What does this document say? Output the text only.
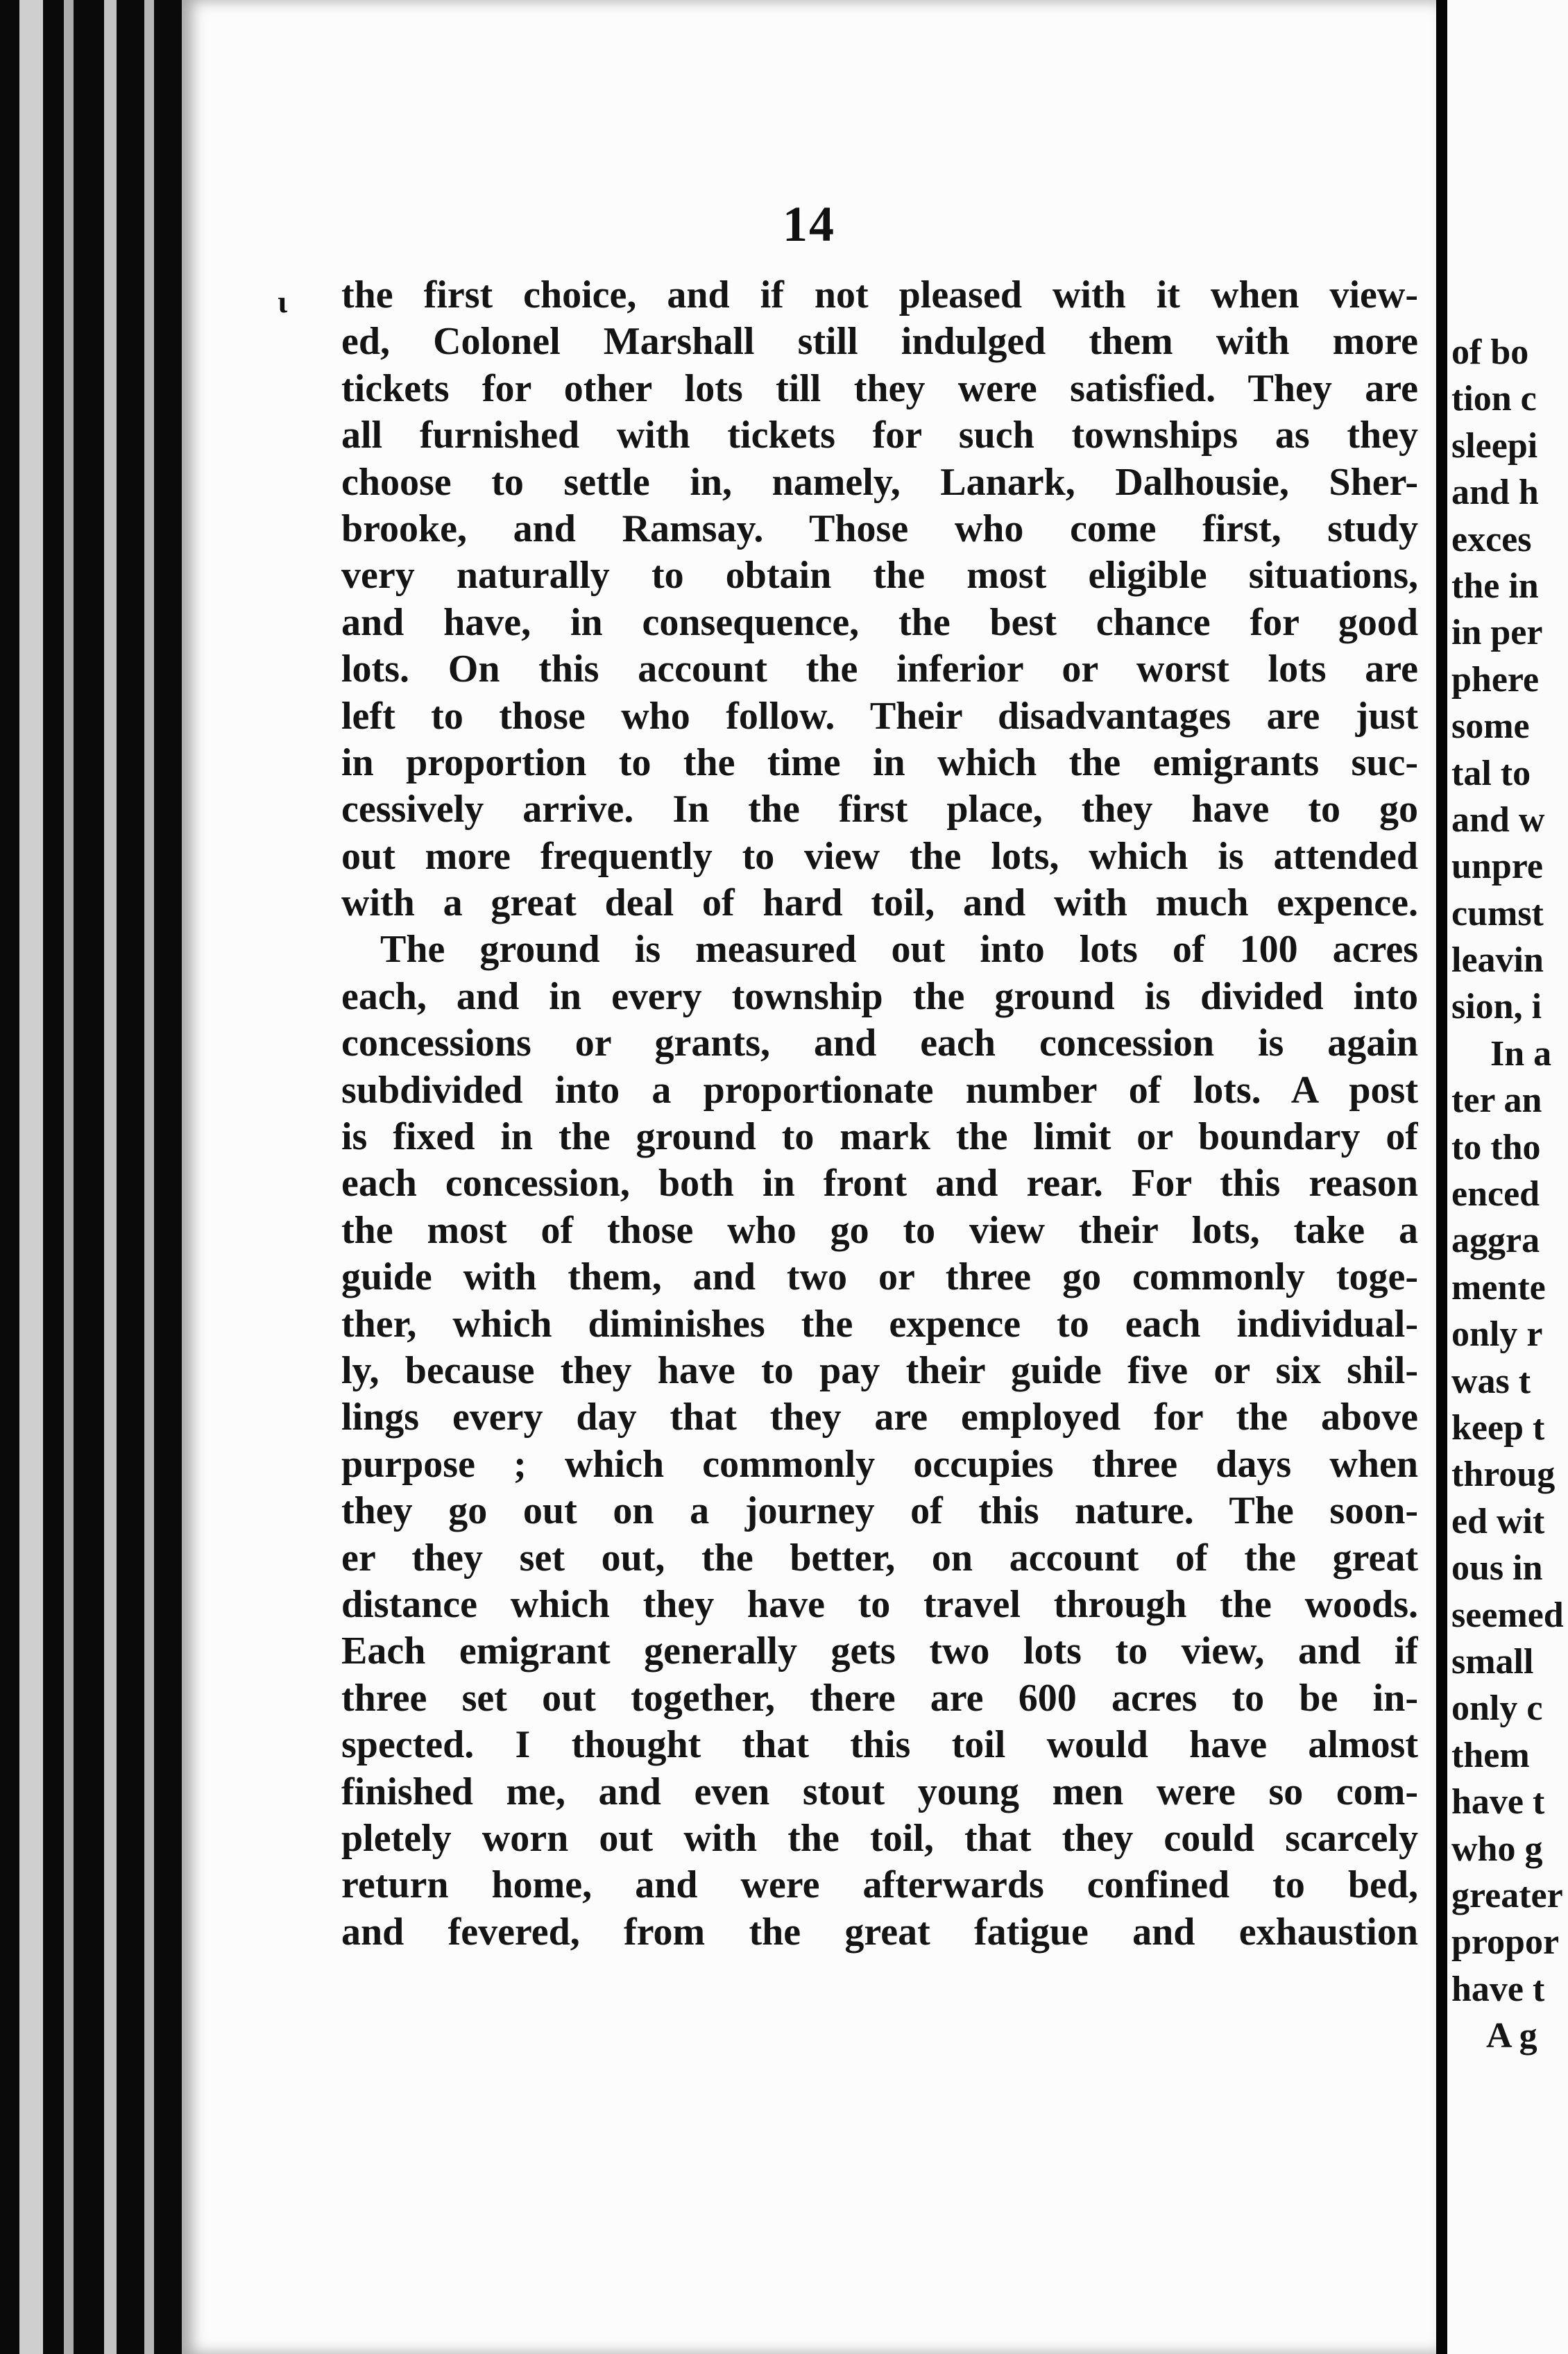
14
ι the first choice, and if not pleased with it when view-
ed, Colonel Marshall still indulged them with more
tickets for other lots till they were satisfied. They are
all furnished with tickets for such townships as they
choose to settle in, namely, Lanark, Dalhousie, Sher-
brooke, and Ramsay. Those who come first, study
very naturally to obtain the most eligible situations,
and have, in consequence, the best chance for good
lots. On this account the inferior or worst lots are
left to those who follow. Their disadvantages are just
in proportion to the time in which the emigrants suc-
cessively arrive. In the first place, they have to go
out more frequently to view the lots, which is attended
with a great deal of hard toil, and with much expence.
The ground is measured out into lots of 100 acres
each, and in every township the ground is divided into
concessions or grants, and each concession is again
subdivided into a proportionate number of lots. A post
is fixed in the ground to mark the limit or boundary of
each concession, both in front and rear. For this reason
the most of those who go to view their lots, take a
guide with them, and two or three go commonly toge-
ther, which diminishes the expence to each individual-
ly, because they have to pay their guide five or six shil-
lings every day that they are employed for the above
purpose ; which commonly occupies three days when
they go out on a journey of this nature. The soon-
er they set out, the better, on account of the great
distance which they have to travel through the woods.
Each emigrant generally gets two lots to view, and if
three set out together, there are 600 acres to be in-
spected. I thought that this toil would have almost
finished me, and even stout young men were so com-
pletely worn out with the toil, that they could scarcely
return home, and were afterwards confined to bed,
and fevered, from the great fatigue and exhaustion
of bo
tion c
sleepi
and h
exces
the in
in per
phere
some
tal to
and w
unpre
cumst
leavin
sion, i
In a
ter an
to tho
enced
aggra
mente
only r
was t
keep t
throug
ed wit
ous in
seemed
small
only c
them
have t
who g
greater
propor
have t
A g
